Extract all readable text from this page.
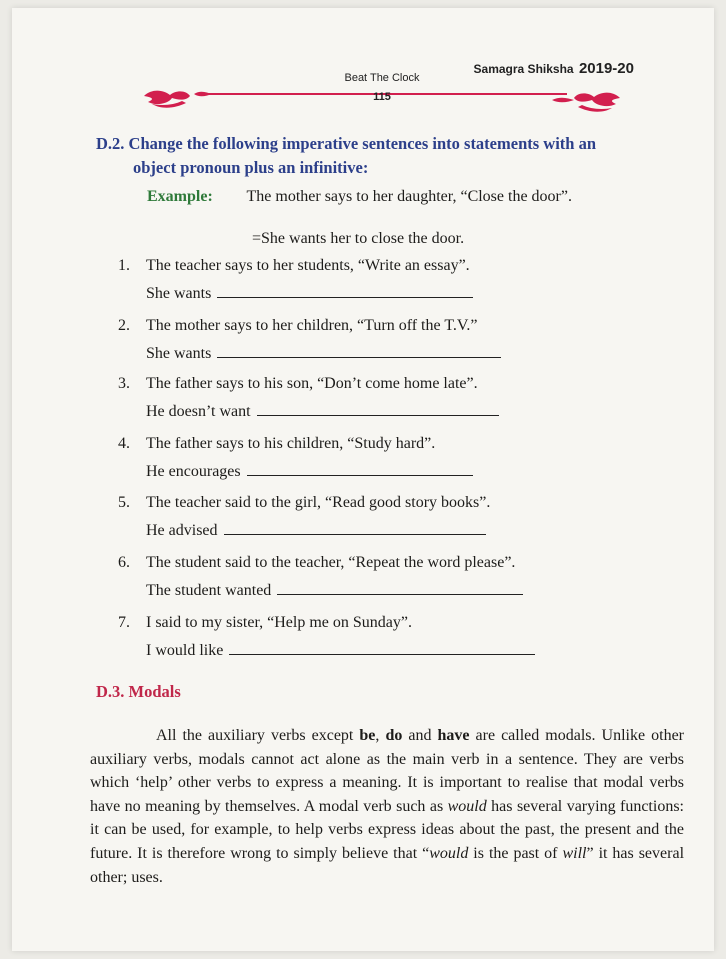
Samagra Shiksha 2019-20
Beat The Clock
115
D.2. Change the following imperative sentences into statements with an
object pronoun plus an infinitive:
Example: The mother says to her daughter, “Close the door”.
=She wants her to close the door.
1. The teacher says to her students, “Write an essay”.
She wants
2. The mother says to her children, “Turn off the T.V.”
She wants
3. The father says to his son, “Don’t come home late”.
He doesn’t want
4. The father says to his children, “Study hard”.
He encourages
5. The teacher said to the girl, “Read good story books”.
He advised
6. The student said to the teacher, “Repeat the word please”.
The student wanted
7. I said to my sister, “Help me on Sunday”.
I would like
D.3. Modals
All the auxiliary verbs except be, do and have are called modals. Unlike other auxiliary verbs, modals cannot act alone as the main verb in a sentence. They are verbs which ‘help’ other verbs to express a meaning. It is important to realise that modal verbs have no meaning by themselves. A modal verb such as would has several varying functions: it can be used, for example, to help verbs express ideas about the past, the present and the future. It is therefore wrong to simply believe that “would is the past of will” it has several other; uses.
